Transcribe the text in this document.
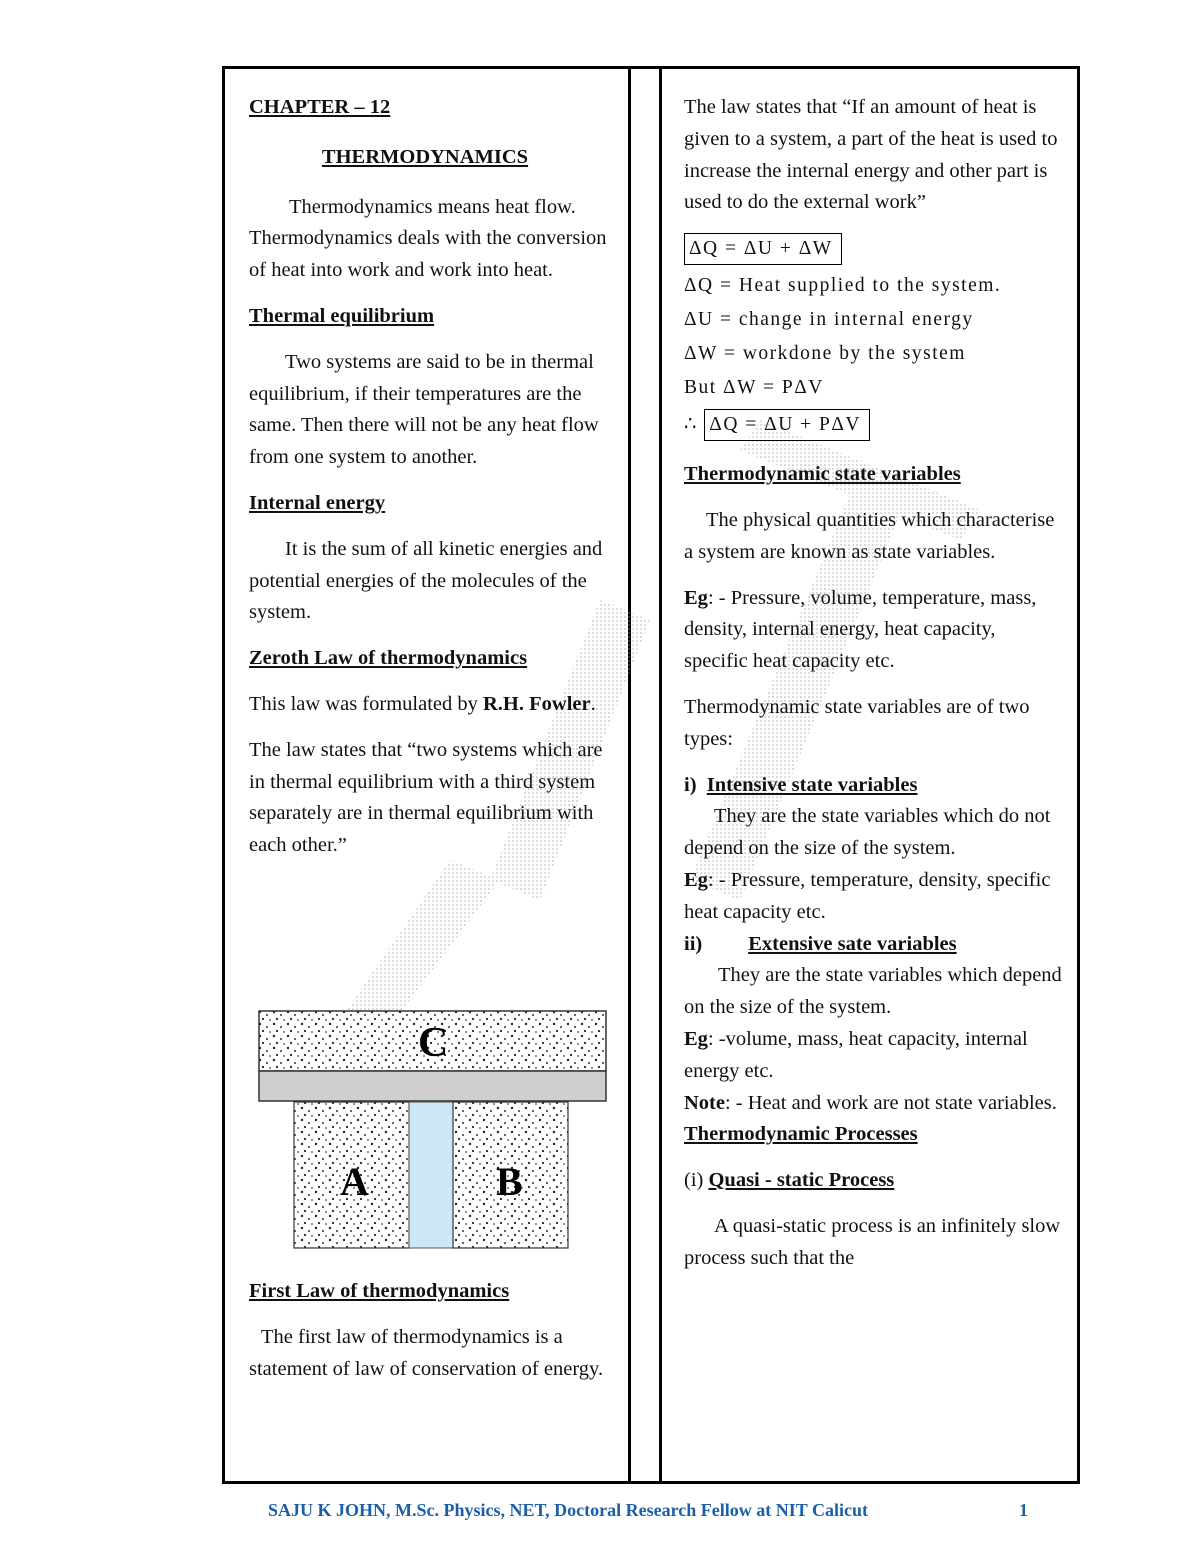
CHAPTER – 12

THERMODYNAMICS

Thermodynamics means heat flow. Thermodynamics deals with the conversion of heat into work and work into heat.

Thermal equilibrium

Two systems are said to be in thermal equilibrium, if their temperatures are the same. Then there will not be any heat flow from one system to another.

Internal energy

It is the sum of all kinetic energies and potential energies of the molecules of the system.

Zeroth Law of thermodynamics

This law was formulated by R.H. Fowler.

The law states that “two systems which are in thermal equilibrium with a third system separately are in thermal equilibrium with each other.”

C
A	B

First Law of thermodynamics

The first law of thermodynamics is a statement of law of conservation of energy.

The law states that “If an amount of heat is given to a system, a part of the heat is used to increase the internal energy and other part is used to do the external work”

ΔQ = ΔU + ΔW
ΔQ = Heat supplied to the system.
ΔU = change in internal energy
ΔW = workdone by the system
But ΔW = PΔV
∴ ΔQ = ΔU + PΔV

Thermodynamic state variables

The physical quantities which characterise a system are known as state variables.

Eg: - Pressure, volume, temperature, mass, density, internal energy, heat capacity, specific heat capacity etc.

Thermodynamic state variables are of two types:

i) Intensive state variables

They are the state variables which do not depend on the size of the system.

Eg: - Pressure, temperature, density, specific heat capacity etc.

ii) Extensive sate variables

They are the state variables which depend on the size of the system.

Eg: -volume, mass, heat capacity, internal energy etc.

Note: - Heat and work are not state variables.

Thermodynamic Processes

(i) Quasi - static Process

A quasi-static process is an infinitely slow process such that the

SAJU K JOHN, M.Sc. Physics, NET, Doctoral Research Fellow at NIT Calicut	1
